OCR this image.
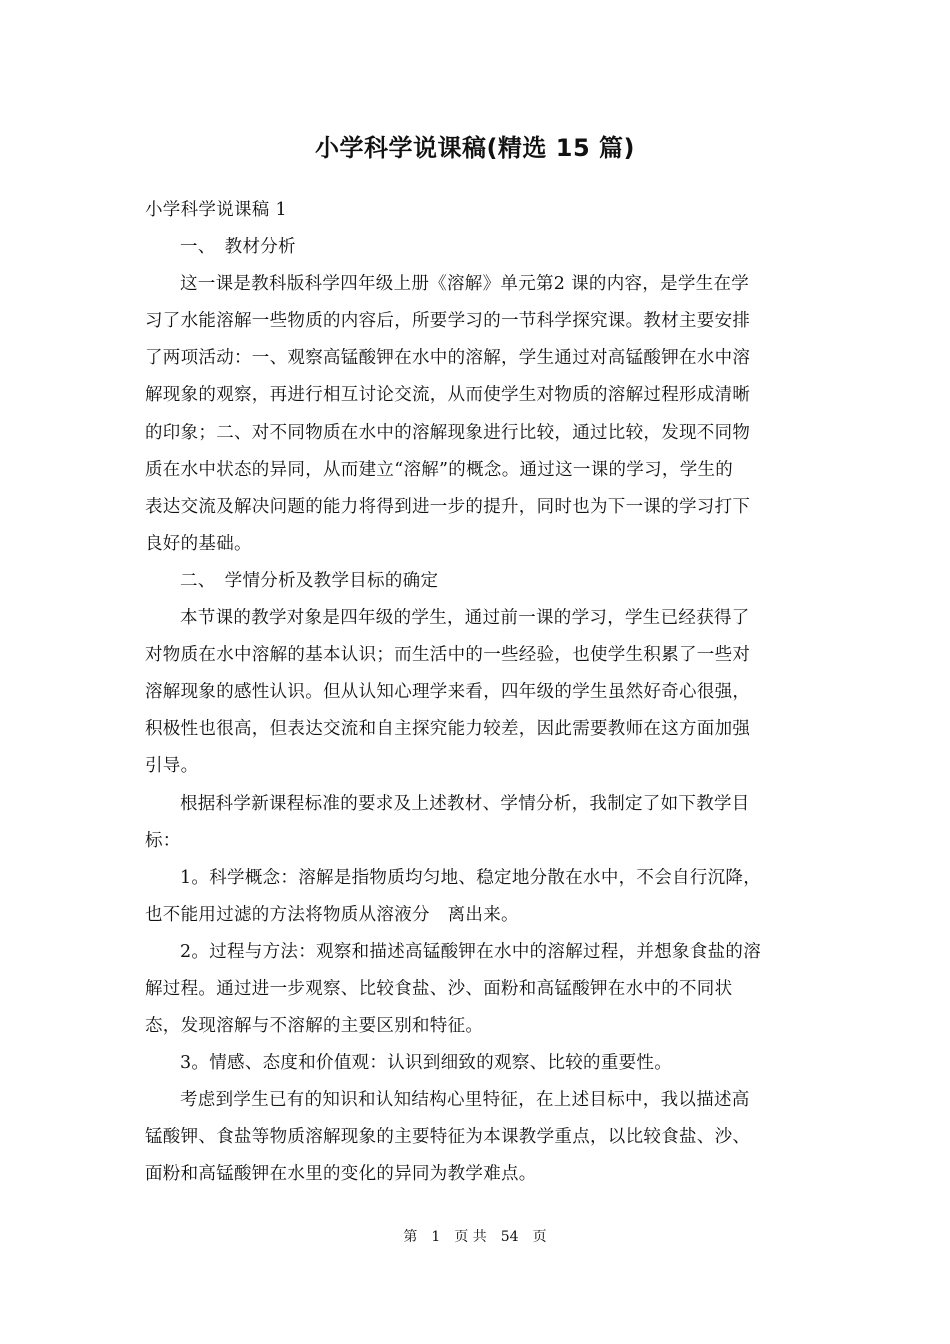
小学科学说课稿(精选 15 篇)
小学科学说课稿 1
一、　教材分析
这一课是教科版科学四年级上册《溶解》单元第2 课的内容，是学生在学
习了水能溶解一些物质的内容后，所要学习的一节科学探究课。教材主要安排
了两项活动：一、观察高锰酸钾在水中的溶解，学生通过对高锰酸钾在水中溶
解现象的观察，再进行相互讨论交流，从而使学生对物质的溶解过程形成清晰
的印象；二、对不同物质在水中的溶解现象进行比较，通过比较，发现不同物
质在水中状态的异同，从而建立“溶解”的概念。通过这一课的学习，学生的
表达交流及解决问题的能力将得到进一步的提升，同时也为下一课的学习打下
良好的基础。
二、　学情分析及教学目标的确定
本节课的教学对象是四年级的学生，通过前一课的学习，学生已经获得了
对物质在水中溶解的基本认识；而生活中的一些经验，也使学生积累了一些对
溶解现象的感性认识。但从认知心理学来看，四年级的学生虽然好奇心很强，
积极性也很高，但表达交流和自主探究能力较差，因此需要教师在这方面加强
引导。
根据科学新课程标准的要求及上述教材、学情分析，我制定了如下教学目
标：
1。科学概念：溶解是指物质均匀地、稳定地分散在水中，不会自行沉降，
也不能用过滤的方法将物质从溶液分　离出来。
2。过程与方法：观察和描述高锰酸钾在水中的溶解过程，并想象食盐的溶
解过程。通过进一步观察、比较食盐、沙、面粉和高锰酸钾在水中的不同状
态，发现溶解与不溶解的主要区别和特征。
3。情感、态度和价值观：认识到细致的观察、比较的重要性。
考虑到学生已有的知识和认知结构心里特征，在上述目标中，我以描述高
锰酸钾、食盐等物质溶解现象的主要特征为本课教学重点，以比较食盐、沙、
面粉和高锰酸钾在水里的变化的异同为教学难点。
第　1　页 共　54　页
